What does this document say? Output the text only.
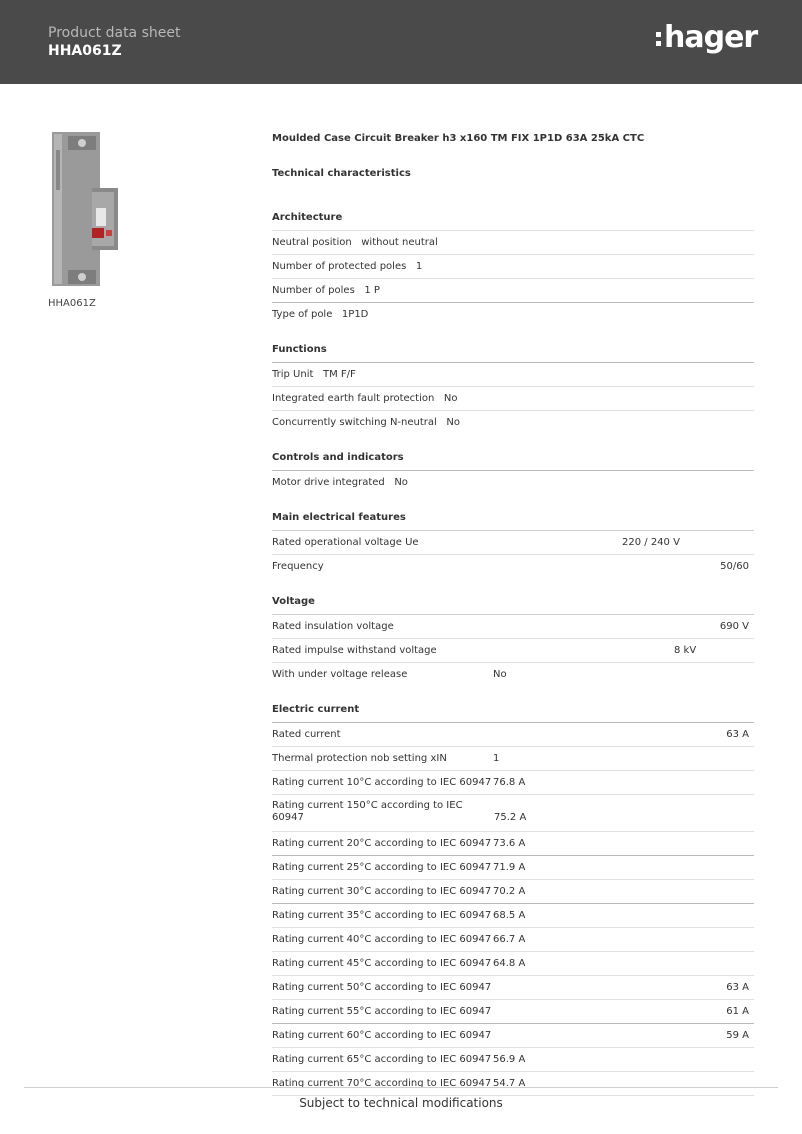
Product data sheet
HHA061Z	hager
HHA061Z
Moulded Case Circuit Breaker h3 x160 TM FIX 1P1D 63A 25kA CTC
Technical characteristics
Architecture
Neutral position without neutral
Number of protected poles 1
Number of poles 1 P
Type of pole 1P1D
Functions
Trip Unit TM F/F
Integrated earth fault protection No
Concurrently switching N-neutral No
Controls and indicators
Motor drive integrated No
Main electrical features
Rated operational voltage Ue	220 / 240 V
Frequency	50/60
Voltage
Rated insulation voltage	690 V
Rated impulse withstand voltage	8 kV
With under voltage release	No
Electric current
Rated current	63 A
Thermal protection nob setting xIN	1
Rating current 10°C according to IEC 60947 76.8 A
Rating current 150°C according to IEC 60947	75.2 A
Rating current 20°C according to IEC 60947 73.6 A
Rating current 25°C according to IEC 60947 71.9 A
Rating current 30°C according to IEC 60947 70.2 A
Rating current 35°C according to IEC 60947 68.5 A
Rating current 40°C according to IEC 60947 66.7 A
Rating current 45°C according to IEC 60947 64.8 A
Rating current 50°C according to IEC 60947	63 A
Rating current 55°C according to IEC 60947	61 A
Rating current 60°C according to IEC 60947	59 A
Rating current 65°C according to IEC 60947 56.9 A
Rating current 70°C according to IEC 60947 54.7 A
Subject to technical modifications
